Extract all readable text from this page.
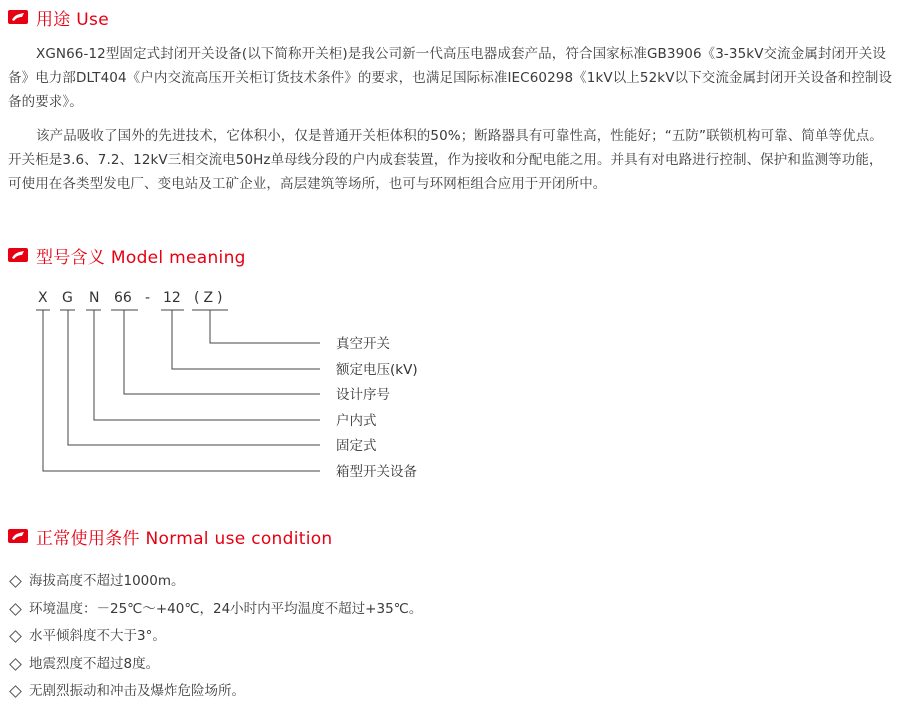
用途 Use

XGN66-12型固定式封闭开关设备(以下简称开关柜)是我公司新一代高压电器成套产品，符合国家标准GB3906《3-35kV交流金属封闭开关设备》电力部DLT404《户内交流高压开关柜订货技术条件》的要求，也满足国际标准IEC60298《1kV以上52kV以下交流金属封闭开关设备和控制设备的要求》。

该产品吸收了国外的先进技术，它体积小，仅是普通开关柜体积的50%；断路器具有可靠性高，性能好；“五防”联锁机构可靠、简单等优点。开关柜是3.6、7.2、12kV三相交流电50Hz单母线分段的户内成套装置，作为接收和分配电能之用。并具有对电路进行控制、保护和监测等功能，可使用在各类型发电厂、变电站及工矿企业，高层建筑等场所，也可与环网柜组合应用于开闭所中。

型号含义 Model meaning
X G N 66 - 12 (Z)
真空开关
额定电压(kV)
设计序号
户内式
固定式
箱型开关设备
正常使用条件 Normal use condition
海拔高度不超过1000m。
环境温度：－25℃～+40℃，24小时内平均温度不超过+35℃。
水平倾斜度不大于3°。
地震烈度不超过8度。
无剧烈振动和冲击及爆炸危险场所。
